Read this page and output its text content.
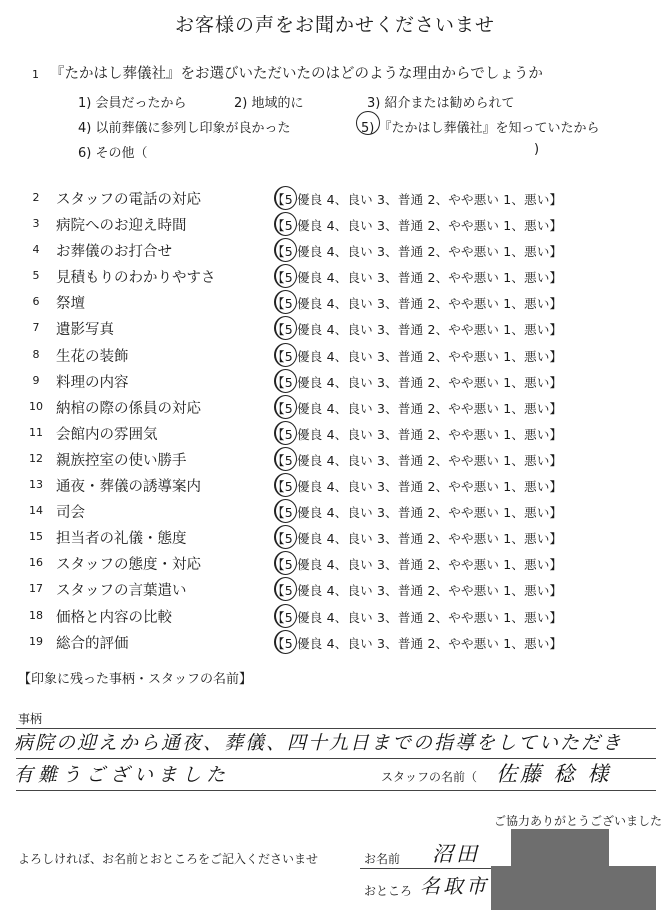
お客様の声をお聞かせくださいませ
1 『たかはし葬儀社』をお選びいただいたのはどのような理由からでしょうか
1) 会員だったから	2) 地域的に	3) 紹介または勧められて
4) 以前葬儀に参列し印象が良かった	5) 『たかはし葬儀社』を知っていたから
6) その他（	)
2 スタッフの電話の対応	【5 優良 4、良い 3、普通 2、やや悪い 1、悪い】
3 病院へのお迎え時間	【5 優良 4、良い 3、普通 2、やや悪い 1、悪い】
4 お葬儀のお打合せ	【5 優良 4、良い 3、普通 2、やや悪い 1、悪い】
5 見積もりのわかりやすさ	【5 優良 4、良い 3、普通 2、やや悪い 1、悪い】
6 祭壇	【5 優良 4、良い 3、普通 2、やや悪い 1、悪い】
7 遺影写真	【5 優良 4、良い 3、普通 2、やや悪い 1、悪い】
8 生花の装飾	【5 優良 4、良い 3、普通 2、やや悪い 1、悪い】
9 料理の内容	【5 優良 4、良い 3、普通 2、やや悪い 1、悪い】
10 納棺の際の係員の対応	【5 優良 4、良い 3、普通 2、やや悪い 1、悪い】
11 会館内の雰囲気	【5 優良 4、良い 3、普通 2、やや悪い 1、悪い】
12 親族控室の使い勝手	【5 優良 4、良い 3、普通 2、やや悪い 1、悪い】
13 通夜・葬儀の誘導案内	【5 優良 4、良い 3、普通 2、やや悪い 1、悪い】
14 司会	【5 優良 4、良い 3、普通 2、やや悪い 1、悪い】
15 担当者の礼儀・態度	【5 優良 4、良い 3、普通 2、やや悪い 1、悪い】
16 スタッフの態度・対応	【5 優良 4、良い 3、普通 2、やや悪い 1、悪い】
17 スタッフの言葉遣い	【5 優良 4、良い 3、普通 2、やや悪い 1、悪い】
18 価格と内容の比較	【5 優良 4、良い 3、普通 2、やや悪い 1、悪い】
19 総合的評価	【5 優良 4、良い 3、普通 2、やや悪い 1、悪い】
【印象に残った事柄・スタッフの名前】
事柄
病院の迎えから通夜、葬儀、四十九日までの指導をしていただき
有難うございました	スタッフの名前（ 佐藤 稔 様
ご協力ありがとうございました
よろしければ、お名前とおところをご記入くださいませ	お名前 沼田
おところ 名取市
